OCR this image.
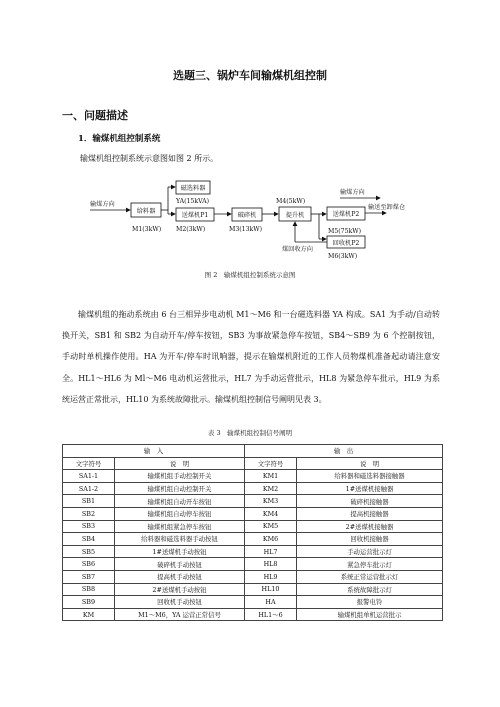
选题三、锅炉车间输煤机组控制
一、问题描述
1．输煤机组控制系统
输煤机组控制系统示意图如图 2 所示。
输煤方向
给料器
磁选料器
YA(15kVA)
送煤机P1	破碎机	提升机	送煤机P2
回收机P2
M1(3kW) M2(3kW)	M3(13kW)
M4(5kW)
M5(75kW)
M6(3kW)
输煤方向
输送至卸煤仓
煤回收方向
图 2　输煤机组控制系统示意图
输煤机组的拖动系统由 6 台三相异步电动机 M1～M6 和一台磁选料器 YA 构成。SA1 为手动/自动转换开关，SB1 和 SB2 为自动开车/停车按钮，SB3 为事故紧急停车按钮，SB4～SB9 为 6 个控制按钮，手动时单机操作使用。HA 为开车/停车时讯响器，提示在输煤机附近的工作人员物煤机准备起动请注意安全。HL1～HL6 为 Ml～M6 电动机运营批示，HL7 为手动运营批示，HL8 为紧急停车批示，HL9 为系统运营正常批示，HL10 为系统故障批示。输煤机组控制信号阐明见表 3。
表 3　输煤机组控制信号阐明
输　入		输　出	
文字符号	说　明	文字符号	说　明
SA1-1	输煤机组手动控制开关	KM1	给料器和磁选料器接触器
SA1-2	输煤机组自动控制开关	KM2	1#送煤机接触器
SB1	输煤机组自动开车按钮	KM3	破碎机接触器
SB2	输煤机组自动停车按钮	KM4	提高机接触器
SB3	输煤机组紧急停车按钮	KM5	2#送煤机接触器
SB4	给料器和磁选料器手动按钮	KM6	回收机接触器
SB5	1#送煤机手动按钮	HL7	手动运营批示灯
SB6	破碎机手动按钮	HL8	紧急停车批示灯
SB7	提高机手动按钮	HL9	系统正常运营批示灯
SB8	2#送煤机手动按钮	HL10	系统故障批示灯
SB9	回收机手动按钮	HA	报警电铃
KM	M1～M6，YA 运营正常信号	HL1～6	输煤机组单机运营批示
